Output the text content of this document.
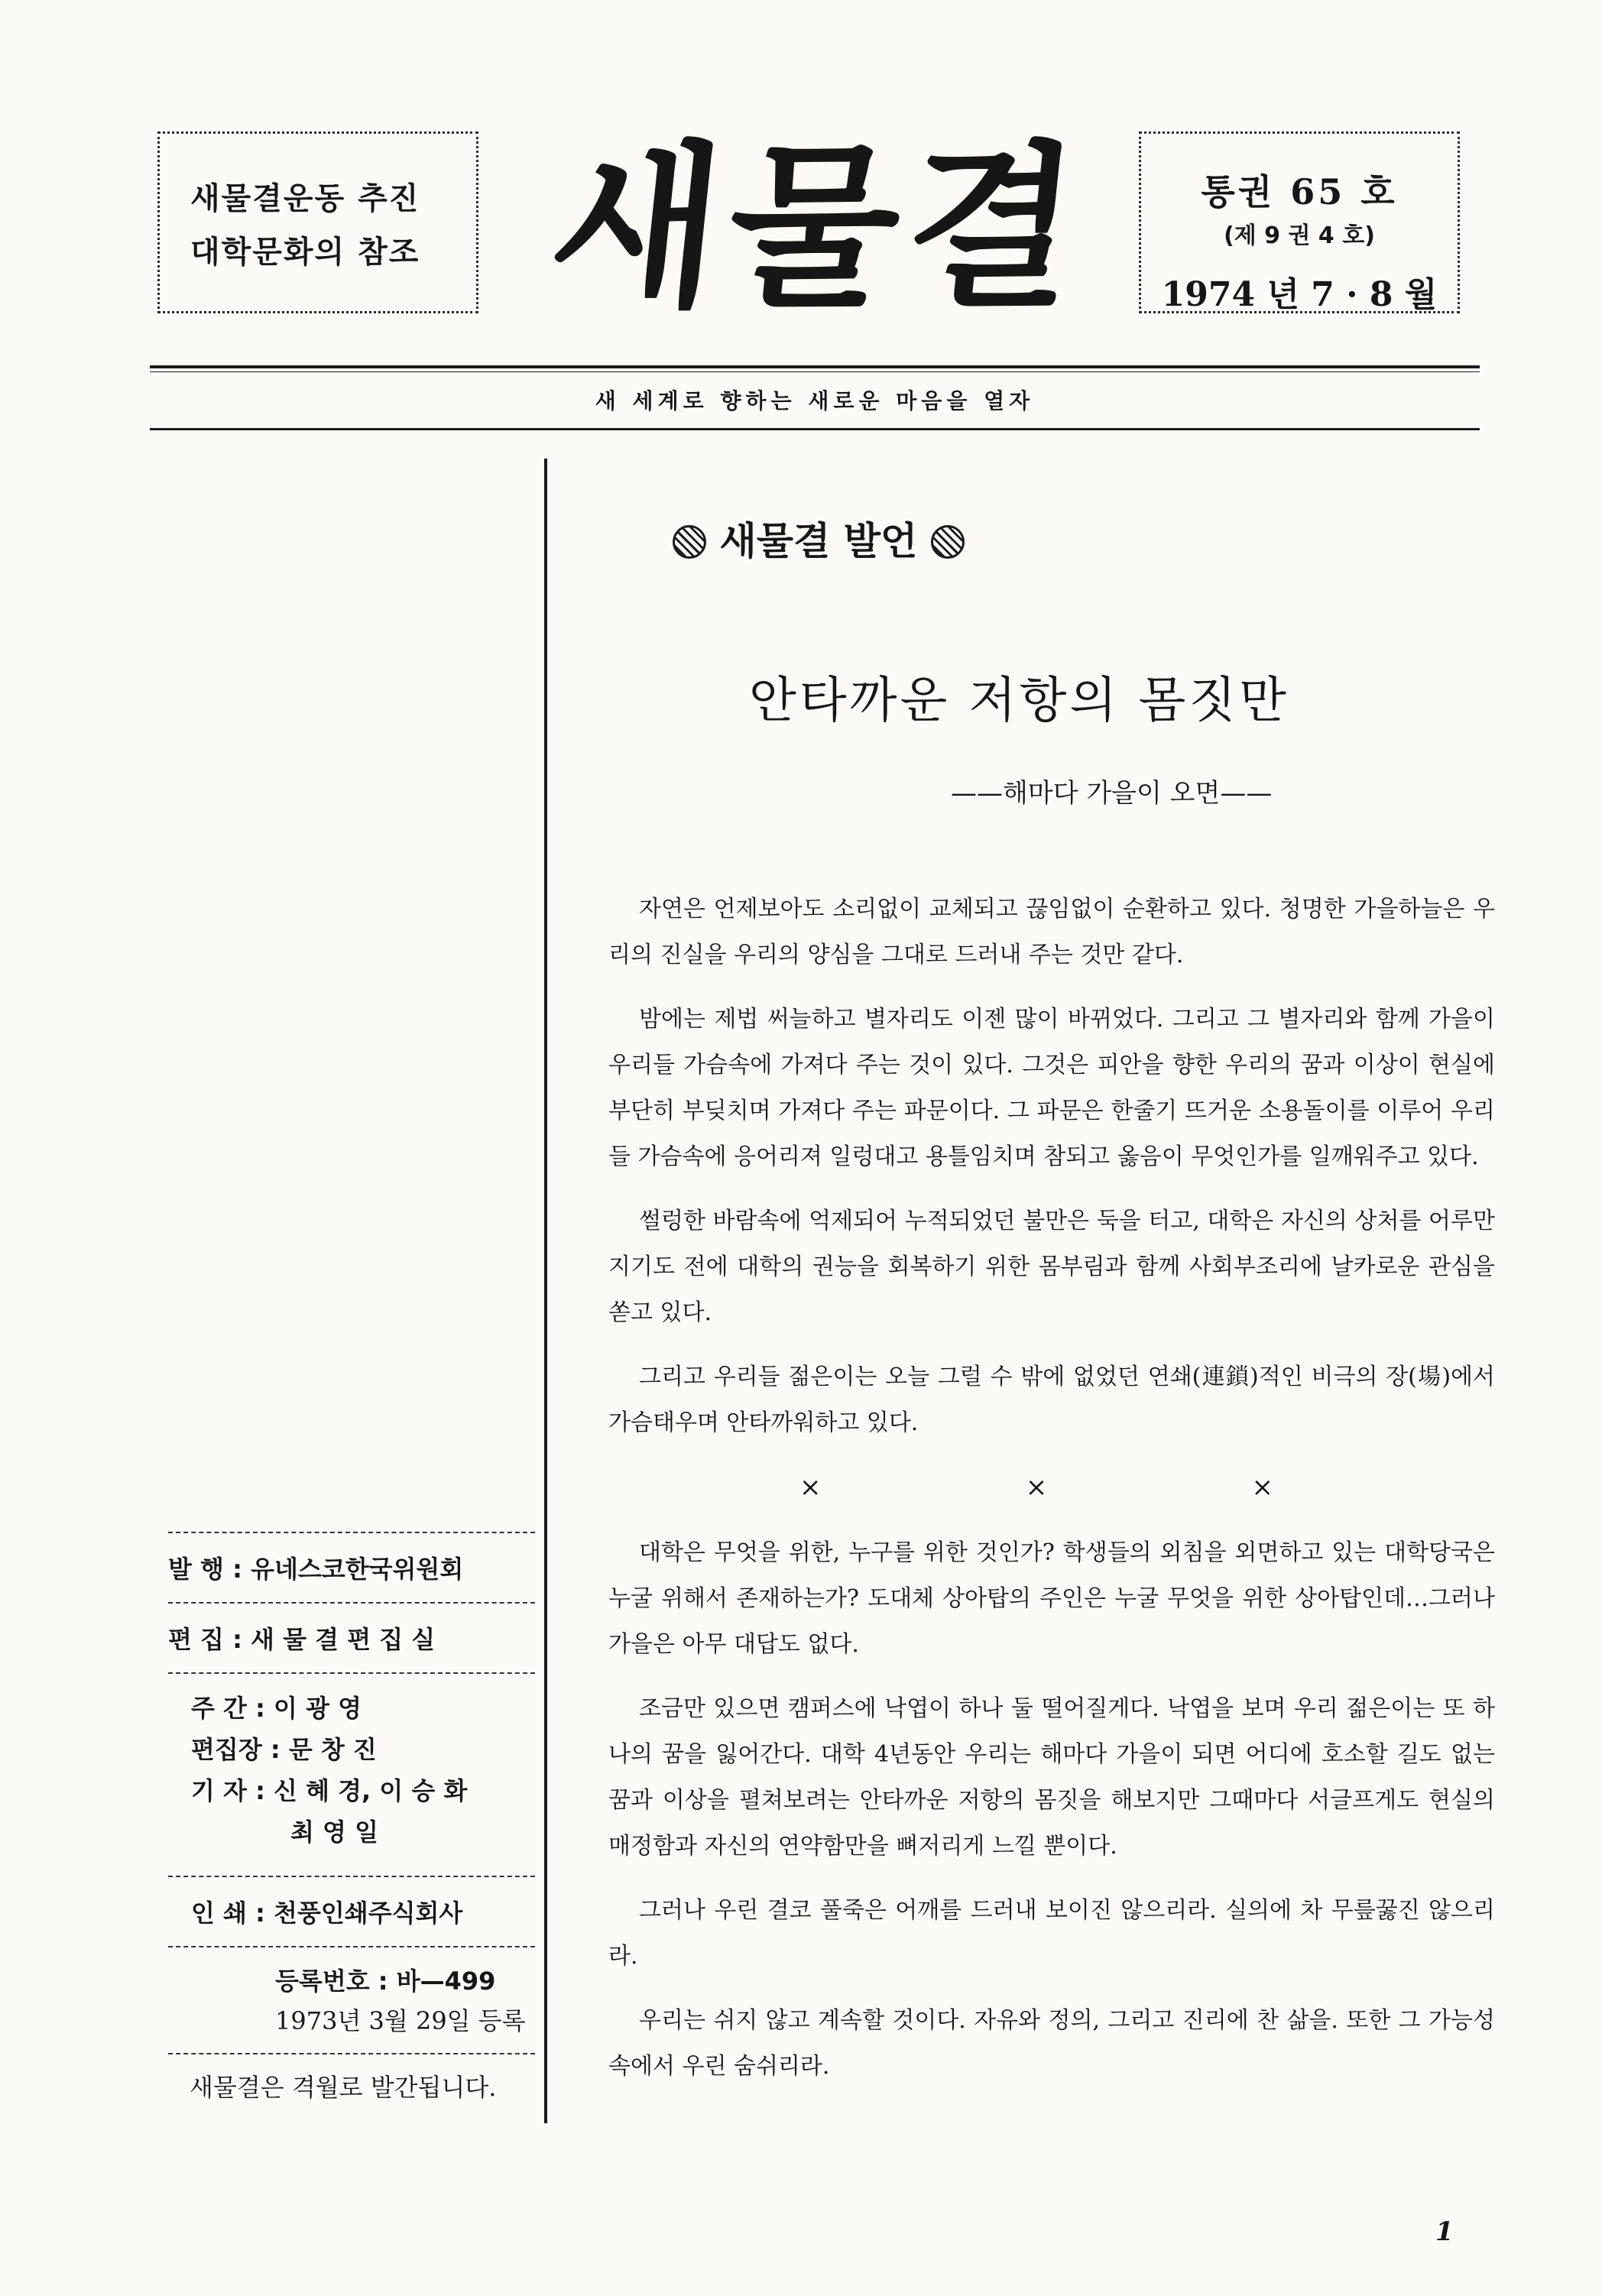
새물결운동 추진
대학문화의 참조 새물결	통권 65 호
(제 9 권 4 호)
1974 년 7 · 8 월
새 세계로 향하는 새로운 마음을 열자
새물결 발언
안타까운 저항의 몸짓만
——해마다 가을이 오면——

자연은 언제보아도 소리없이 교체되고 끊임없이 순환하고 있다. 청명한 가을하늘은 우리의 진실을 우리의 양심을 그대로 드러내 주는 것만 같다.

밤에는 제법 써늘하고 별자리도 이젠 많이 바뀌었다. 그리고 그 별자리와 함께 가을이 우리들 가슴속에 가져다 주는 것이 있다. 그것은 피안을 향한 우리의 꿈과 이상이 현실에 부단히 부딪치며 가져다 주는 파문이다. 그 파문은 한줄기 뜨거운 소용돌이를 이루어 우리들 가슴속에 응어리져 일렁대고 용틀임치며 참되고 옳음이 무엇인가를 일깨워주고 있다.

썰렁한 바람속에 억제되어 누적되었던 불만은 둑을 터고, 대학은 자신의 상처를 어루만지기도 전에 대학의 권능을 회복하기 위한 몸부림과 함께 사회부조리에 날카로운 관심을 쏟고 있다.

그리고 우리들 젊은이는 오늘 그럴 수 밖에 없었던 연쇄(連鎖)적인 비극의 장(場)에서 가슴태우며 안타까워하고 있다.

×	×	×

대학은 무엇을 위한, 누구를 위한 것인가? 학생들의 외침을 외면하고 있는 대학당국은 누굴 위해서 존재하는가? 도대체 상아탑의 주인은 누굴 무엇을 위한 상아탑인데…그러나 가을은 아무 대답도 없다.

조금만 있으면 캠퍼스에 낙엽이 하나 둘 떨어질게다. 낙엽을 보며 우리 젊은이는 또 하나의 꿈을 잃어간다. 대학 4년동안 우리는 해마다 가을이 되면 어디에 호소할 길도 없는 꿈과 이상을 펼쳐보려는 안타까운 저항의 몸짓을 해보지만 그때마다 서글프게도 현실의 매정함과 자신의 연약함만을 뼈저리게 느낄 뿐이다.

그러나 우린 결코 풀죽은 어깨를 드러내 보이진 않으리라. 실의에 차 무릎꿇진 않으리라.

우리는 쉬지 않고 계속할 것이다. 자유와 정의, 그리고 진리에 찬 삶을. 또한 그 가능성속에서 우린 숨쉬리라.

발 행 : 유네스코한국위원회
편 집 : 새 물 결 편 집 실
주 간 : 이 광 영
편집장 : 문 창 진
기 자 : 신 혜 경, 이 승 화
최 영 일
인 쇄 : 천풍인쇄주식회사
등록번호 : 바—499
1973년 3월 29일 등록
새물결은 격월로 발간됩니다.
1
